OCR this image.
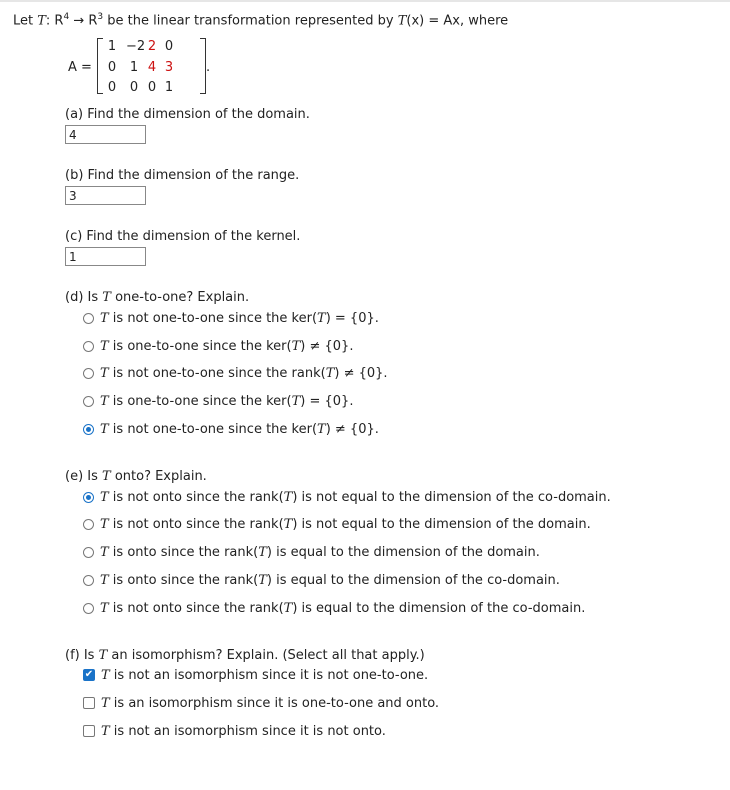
Let T: $R^4 \to R^3$ be the linear transformation represented by T(x) = Ax, where
A =
1 −2 2 0
0 1 4 3
0 0 0 1
.
(a) Find the dimension of the domain.
4
(b) Find the dimension of the range.
3
(c) Find the dimension of the kernel.
1
(d) Is T one-to-one? Explain.
T is not one-to-one since the ker(T) = {0}.
T is one-to-one since the ker(T) ≠ {0}.
T is not one-to-one since the rank(T) ≠ {0}.
T is one-to-one since the ker(T) = {0}.
T is not one-to-one since the ker(T) ≠ {0}.
(e) Is T onto? Explain.
T is not onto since the rank(T) is not equal to the dimension of the co-domain.
T is not onto since the rank(T) is not equal to the dimension of the domain.
T is onto since the rank(T) is equal to the dimension of the domain.
T is onto since the rank(T) is equal to the dimension of the co-domain.
T is not onto since the rank(T) is equal to the dimension of the co-domain.
(f) Is T an isomorphism? Explain. (Select all that apply.)
✔ T is not an isomorphism since it is not one-to-one.
T is an isomorphism since it is one-to-one and onto.
T is not an isomorphism since it is not onto.
